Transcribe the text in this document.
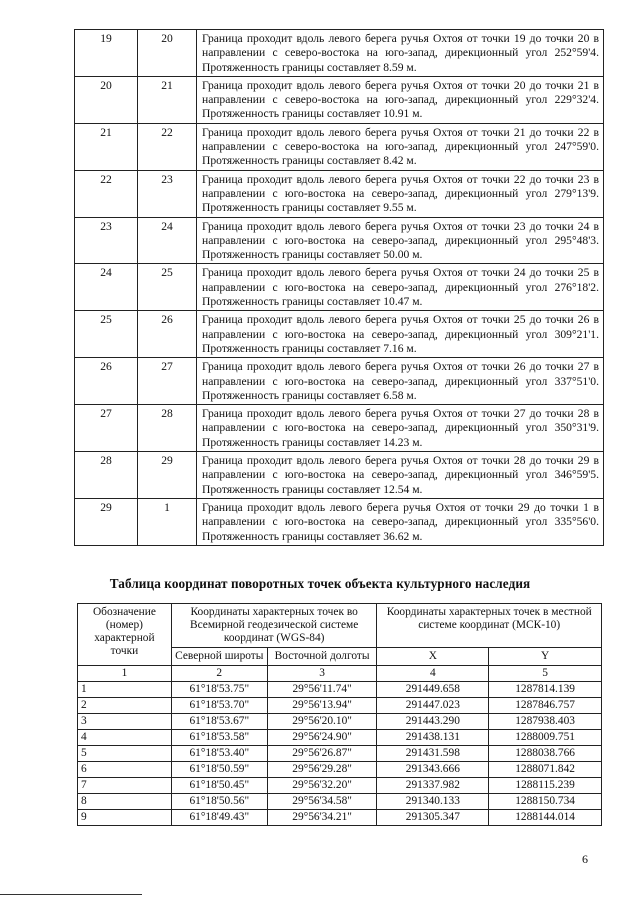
19	20	Граница проходит вдоль левого берега ручья Охтоя от точки 19 до точки 20 в направлении с северо-востока на юго-запад, дирекционный угол 252°59'4. Протяженность границы составляет 8.59 м.
20	21	Граница проходит вдоль левого берега ручья Охтоя от точки 20 до точки 21 в направлении с северо-востока на юго-запад, дирекционный угол 229°32'4. Протяженность границы составляет 10.91 м.
21	22	Граница проходит вдоль левого берега ручья Охтоя от точки 21 до точки 22 в направлении с северо-востока на юго-запад, дирекционный угол 247°59'0. Протяженность границы составляет 8.42 м.
22	23	Граница проходит вдоль левого берега ручья Охтоя от точки 22 до точки 23 в направлении с юго-востока на северо-запад, дирекционный угол 279°13'9. Протяженность границы составляет 9.55 м.
23	24	Граница проходит вдоль левого берега ручья Охтоя от точки 23 до точки 24 в направлении с юго-востока на северо-запад, дирекционный угол 295°48'3. Протяженность границы составляет 50.00 м.
24	25	Граница проходит вдоль левого берега ручья Охтоя от точки 24 до точки 25 в направлении с юго-востока на северо-запад, дирекционный угол 276°18'2. Протяженность границы составляет 10.47 м.
25	26	Граница проходит вдоль левого берега ручья Охтоя от точки 25 до точки 26 в направлении с юго-востока на северо-запад, дирекционный угол 309°21'1. Протяженность границы составляет 7.16 м.
26	27	Граница проходит вдоль левого берега ручья Охтоя от точки 26 до точки 27 в направлении с юго-востока на северо-запад, дирекционный угол 337°51'0. Протяженность границы составляет 6.58 м.
27	28	Граница проходит вдоль левого берега ручья Охтоя от точки 27 до точки 28 в направлении с юго-востока на северо-запад, дирекционный угол 350°31'9. Протяженность границы составляет 14.23 м.
28	29	Граница проходит вдоль левого берега ручья Охтоя от точки 28 до точки 29 в направлении с юго-востока на северо-запад, дирекционный угол 346°59'5. Протяженность границы составляет 12.54 м.
29	1	Граница проходит вдоль левого берега ручья Охтоя от точки 29 до точки 1 в направлении с юго-востока на северо-запад, дирекционный угол 335°56'0. Протяженность границы составляет 36.62 м.
Таблица координат поворотных точек объекта культурного наследия
Обозначение (номер) характерной точки	Координаты характерных точек во Всемирной геодезической системе координат (WGS-84)		Координаты характерных точек в местной системе координат (МСК-10)	
	Северной широты	Восточной долготы	X	Y
1	2	3	4	5
1	61°18'53.75"	29°56'11.74"	291449.658	1287814.139
2	61°18'53.70"	29°56'13.94"	291447.023	1287846.757
3	61°18'53.67"	29°56'20.10"	291443.290	1287938.403
4	61°18'53.58"	29°56'24.90"	291438.131	1288009.751
5	61°18'53.40"	29°56'26.87"	291431.598	1288038.766
6	61°18'50.59"	29°56'29.28"	291343.666	1288071.842
7	61°18'50.45"	29°56'32.20"	291337.982	1288115.239
8	61°18'50.56"	29°56'34.58"	291340.133	1288150.734
9	61°18'49.43"	29°56'34.21"	291305.347	1288144.014
6
